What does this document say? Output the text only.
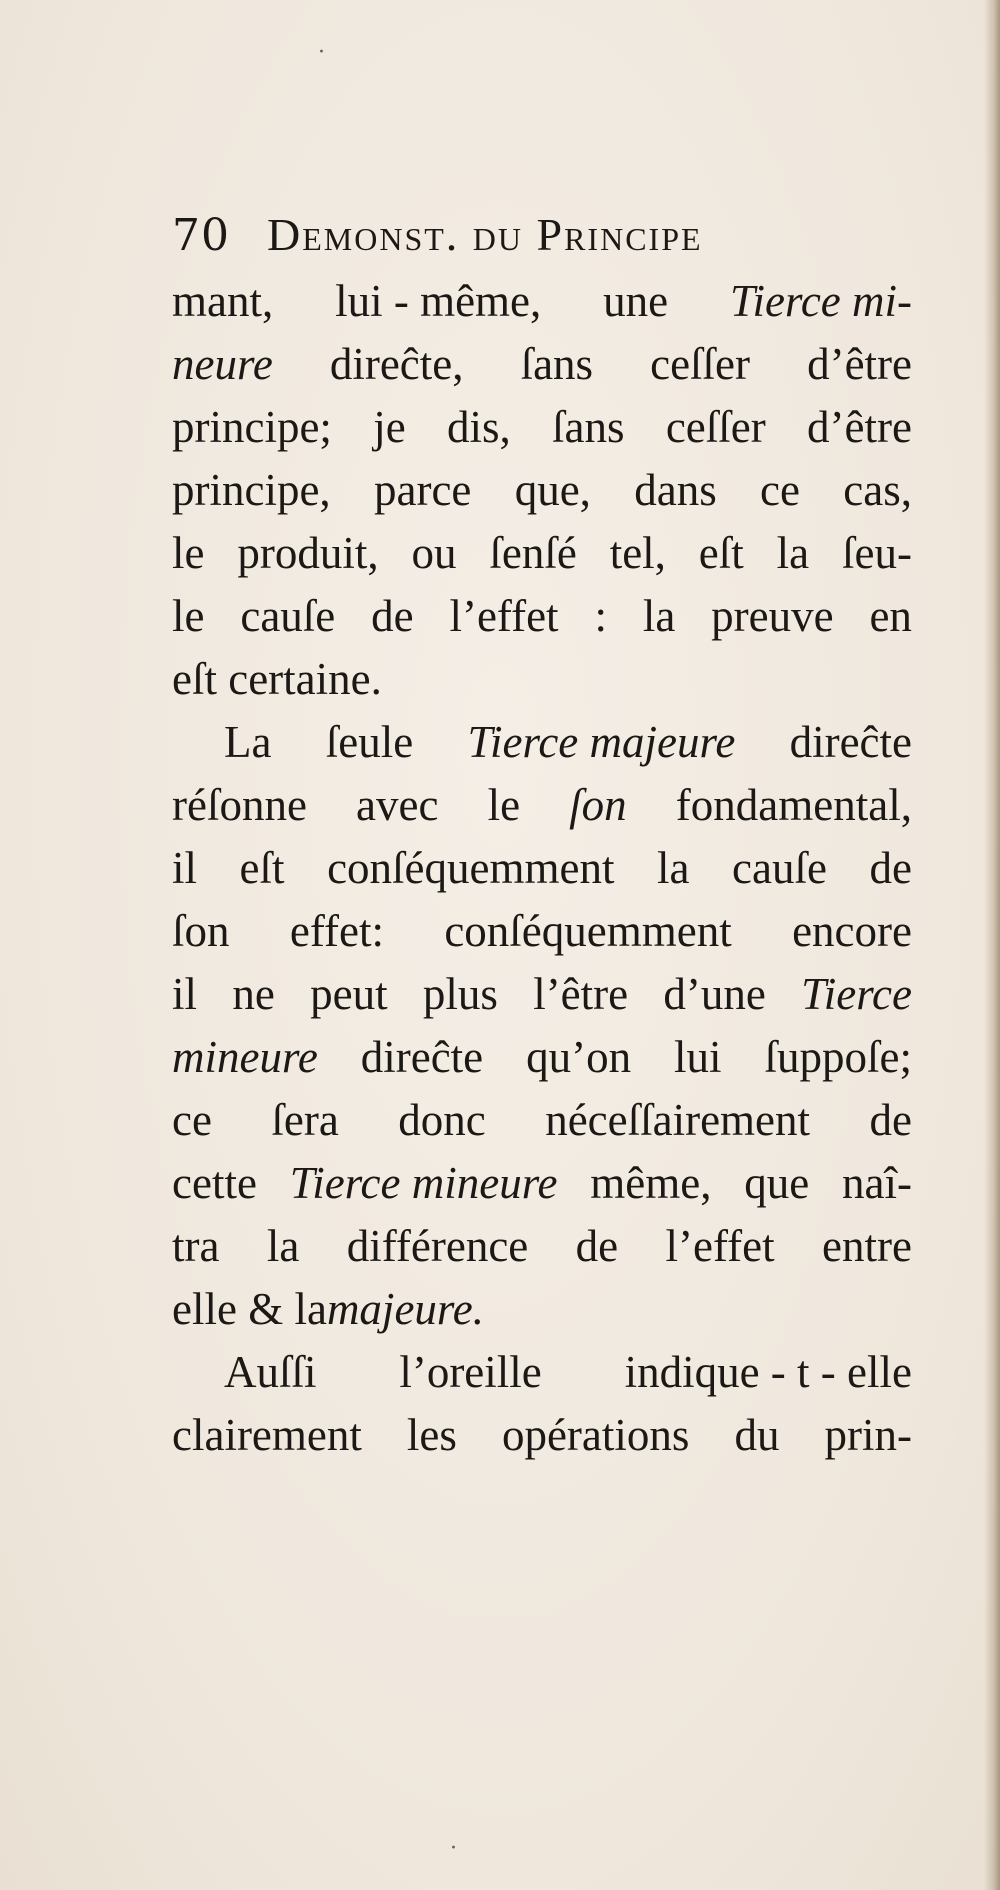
70 Demonst. du Principe
mant, lui - même, une Tierce mi-
neure direĉte, ſans ceſſer d’être
principe; je dis, ſans ceſſer d’être
principe, parce que, dans ce cas,
le produit, ou ſenſé tel, eſt la ſeu-
le cauſe de l’effet : la preuve en
eſt certaine.
La ſeule Tierce majeure direĉte
réſonne avec le ſon fondamental,
il eſt conſéquemment la cauſe de
ſon effet: conſéquemment encore
il ne peut plus l’être d’une Tierce
mineure direĉte qu’on lui ſuppoſe;
ce ſera donc néceſſairement de
cette Tierce mineure même, que naî-
tra la différence de l’effet entre
elle & la majeure.
Auſſi l’oreille indique - t - elle
clairement les opérations du prin-
·
·
